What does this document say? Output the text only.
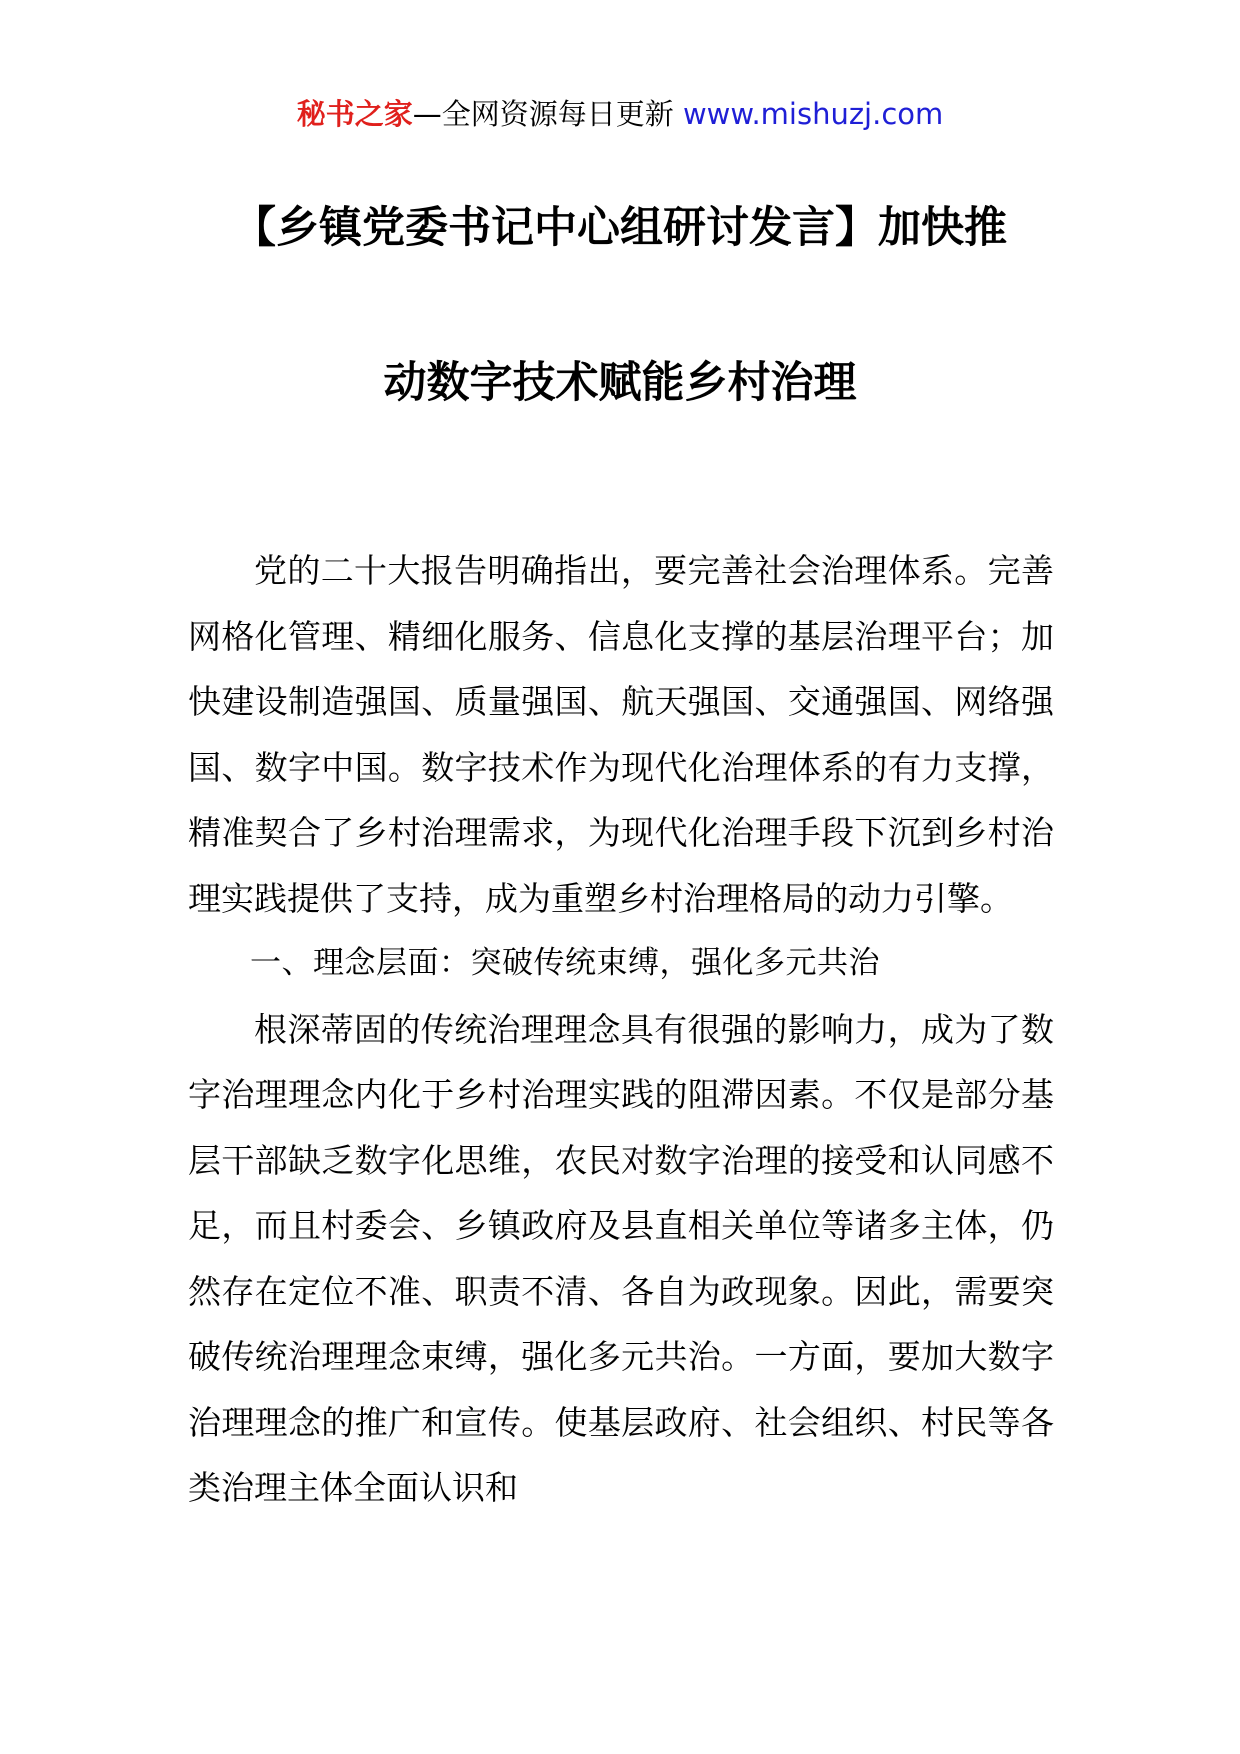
秘书之家—全网资源每日更新 www.mishuzj.com
【乡镇党委书记中心组研讨发言】加快推
动数字技术赋能乡村治理

党的二十大报告明确指出，要完善社会治理体系。完善网格化管理、精细化服务、信息化支撑的基层治理平台；加快建设制造强国、质量强国、航天强国、交通强国、网络强国、数字中国。数字技术作为现代化治理体系的有力支撑，精准契合了乡村治理需求，为现代化治理手段下沉到乡村治理实践提供了支持，成为重塑乡村治理格局的动力引擎。

一、理念层面：突破传统束缚，强化多元共治

根深蒂固的传统治理理念具有很强的影响力，成为了数字治理理念内化于乡村治理实践的阻滞因素。不仅是部分基层干部缺乏数字化思维，农民对数字治理的接受和认同感不足，而且村委会、乡镇政府及县直相关单位等诸多主体，仍然存在定位不准、职责不清、各自为政现象。因此，需要突破传统治理理念束缚，强化多元共治。一方面，要加大数字治理理念的推广和宣传。使基层政府、社会组织、村民等各类治理主体全面认识和
